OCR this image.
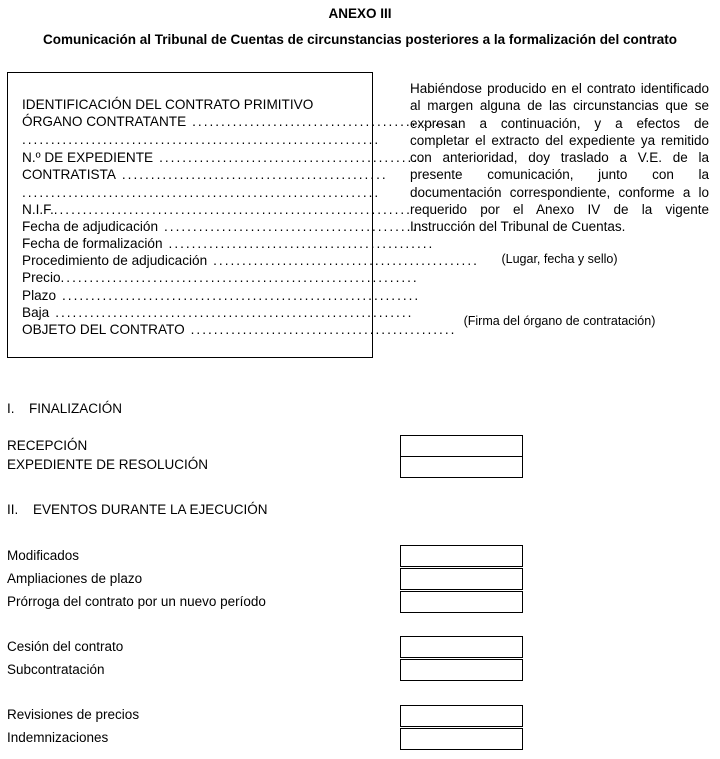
ANEXO III
Comunicación al Tribunal de Cuentas de circunstancias posteriores a la formalización del contrato
IDENTIFICACIÓN DEL CONTRATO PRIMITIVO
ÓRGANO CONTRATANTE ..............................................
..............................................................
N.º DE EXPEDIENTE ..............................................
CONTRATISTA ..............................................
..............................................................
N.I.F...............................................................
Fecha de adjudicación ..............................................
Fecha de formalización ..............................................
Procedimiento de adjudicación ..............................................
Precio..............................................................
Plazo ..............................................................
Baja ..............................................................
OBJETO DEL CONTRATO ..............................................
Habiéndose producido en el contrato identificado al margen alguna de las circunstancias que se expresan a continuación, y a efectos de completar el extracto del expediente ya remitido con anterioridad, doy traslado a V.E. de la presente comunicación, junto con la documentación correspondiente, conforme a lo requerido por el Anexo IV de la vigente Instrucción del Tribunal de Cuentas.
(Lugar, fecha y sello)
(Firma del órgano de contratación)
I. FINALIZACIÓN
RECEPCIÓN
EXPEDIENTE DE RESOLUCIÓN
II. EVENTOS DURANTE LA EJECUCIÓN
Modificados
Ampliaciones de plazo
Prórroga del contrato por un nuevo período
Cesión del contrato
Subcontratación
Revisiones de precios
Indemnizaciones
